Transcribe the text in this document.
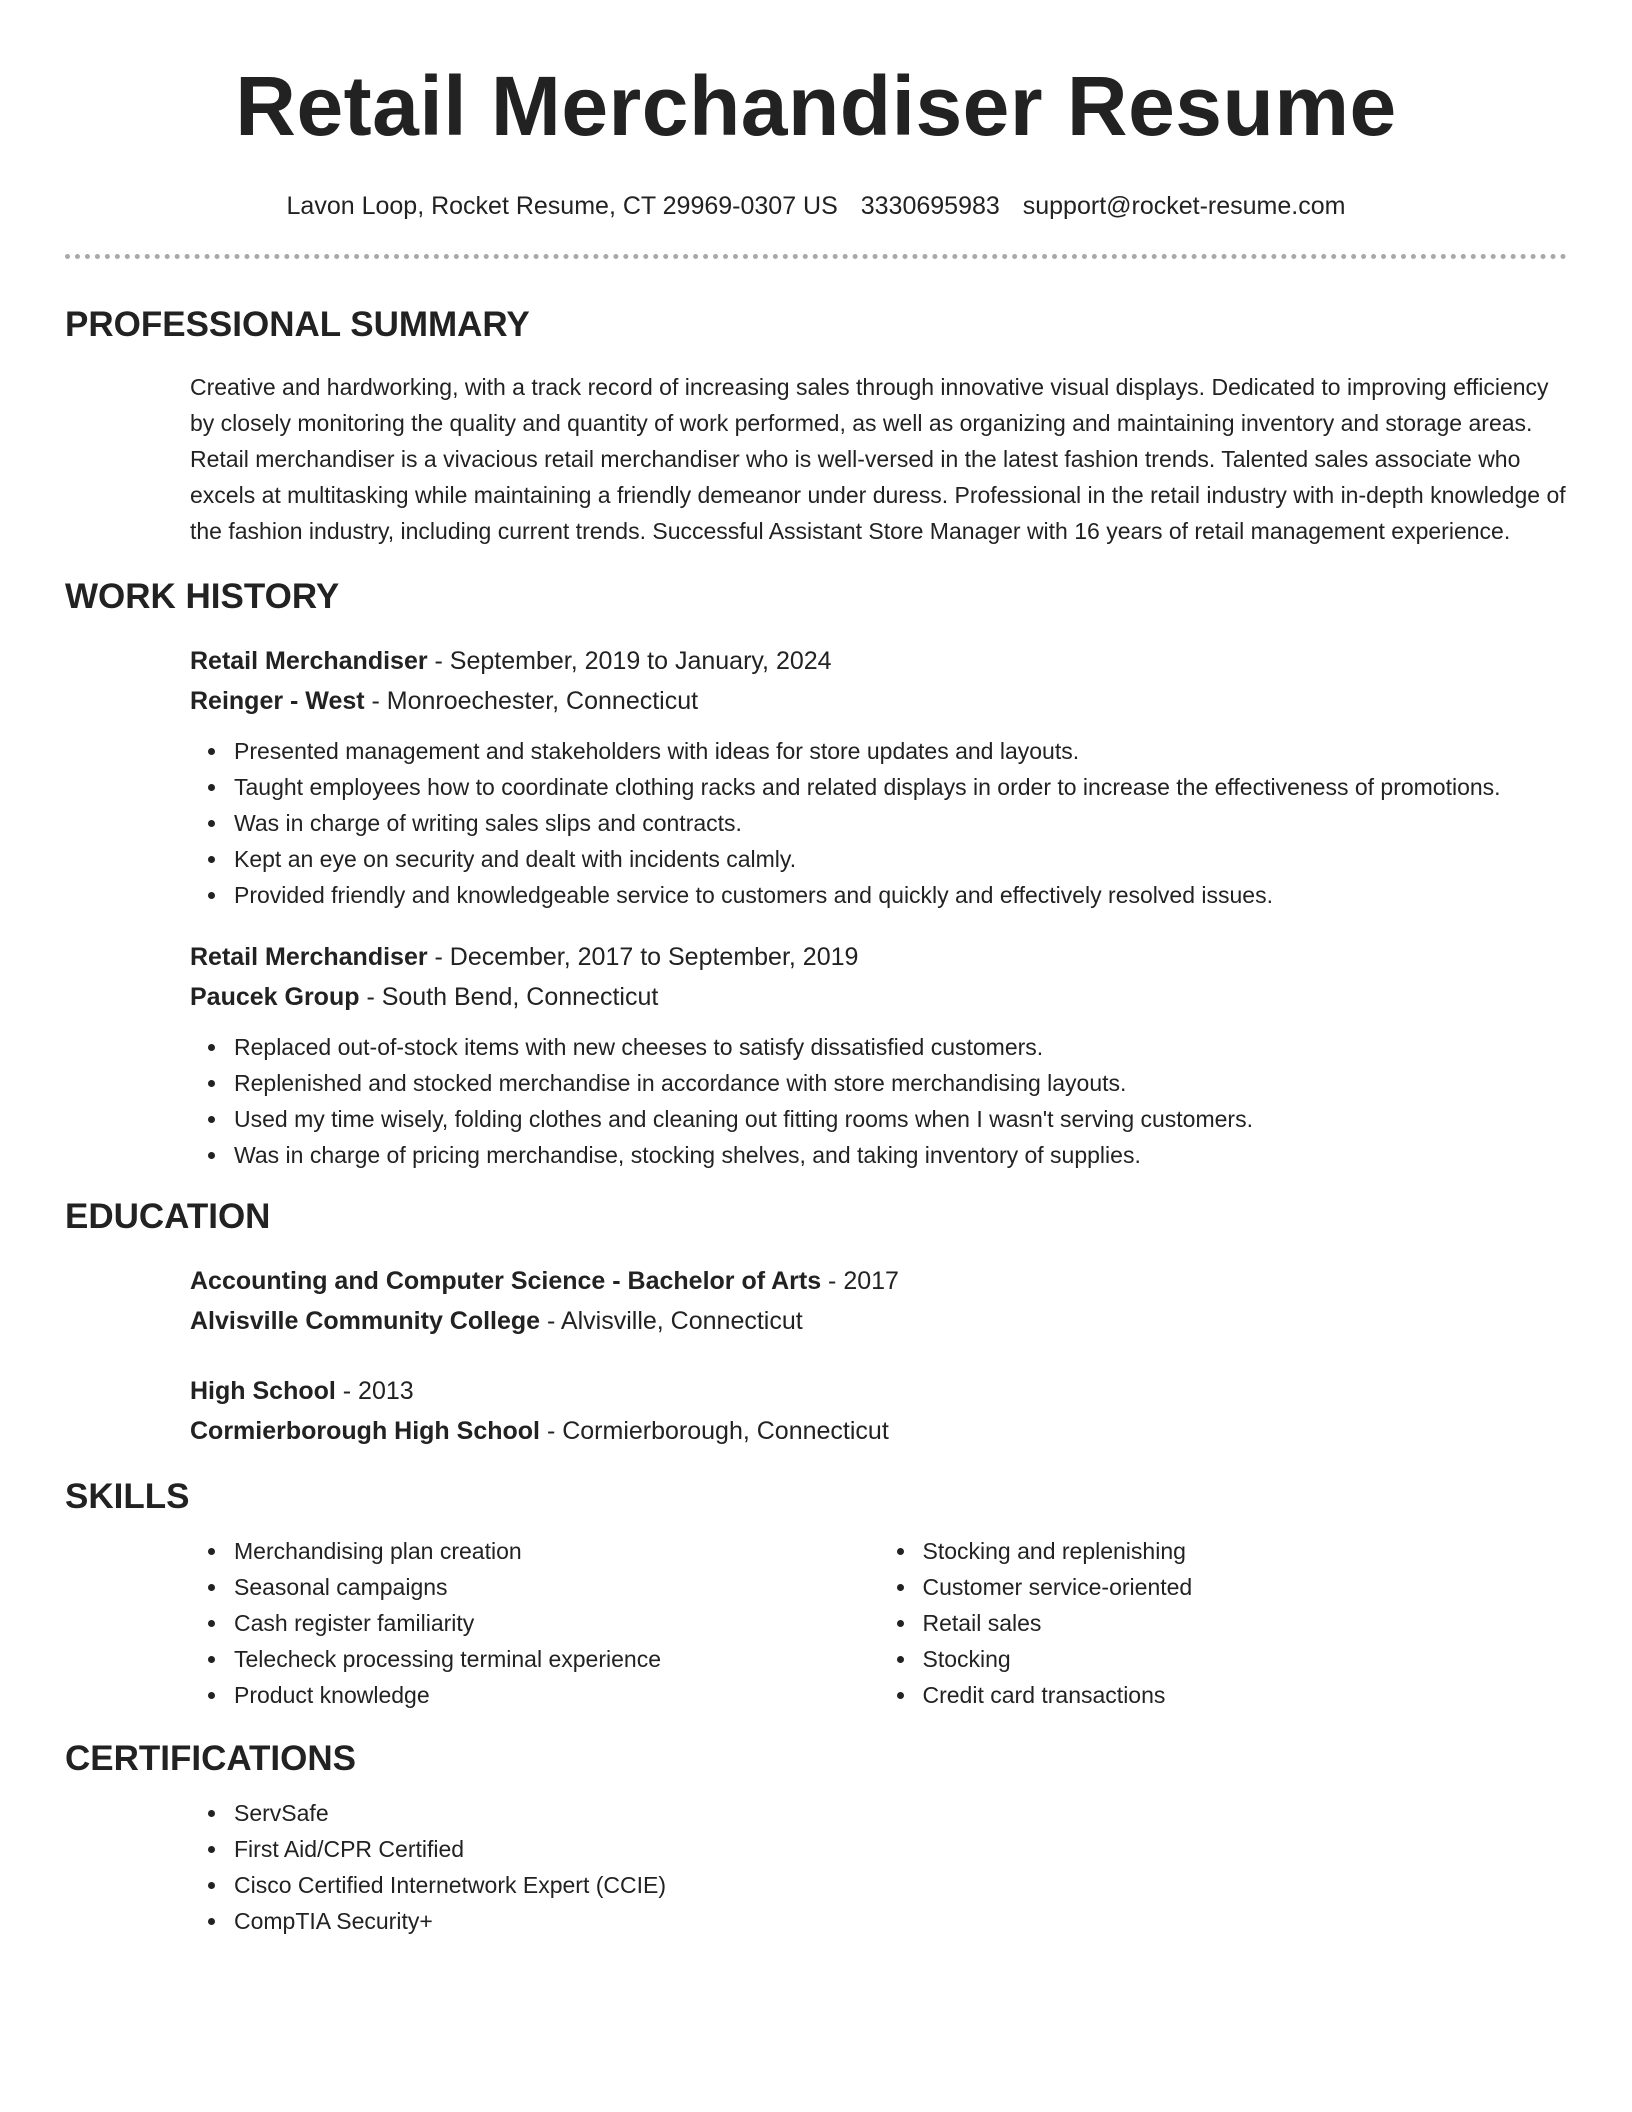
Retail Merchandiser Resume
Lavon Loop, Rocket Resume, CT 29969-0307 US 3330695983 support@rocket-resume.com
PROFESSIONAL SUMMARY
Creative and hardworking, with a track record of increasing sales through innovative visual displays. Dedicated to improving efficiency by closely monitoring the quality and quantity of work performed, as well as organizing and maintaining inventory and storage areas. Retail merchandiser is a vivacious retail merchandiser who is well-versed in the latest fashion trends. Talented sales associate who excels at multitasking while maintaining a friendly demeanor under duress. Professional in the retail industry with in-depth knowledge of the fashion industry, including current trends. Successful Assistant Store Manager with 16 years of retail management experience.
WORK HISTORY
Retail Merchandiser - September, 2019 to January, 2024
Reinger - West - Monroechester, Connecticut
Presented management and stakeholders with ideas for store updates and layouts.
Taught employees how to coordinate clothing racks and related displays in order to increase the effectiveness of promotions.
Was in charge of writing sales slips and contracts.
Kept an eye on security and dealt with incidents calmly.
Provided friendly and knowledgeable service to customers and quickly and effectively resolved issues.
Retail Merchandiser - December, 2017 to September, 2019
Paucek Group - South Bend, Connecticut
Replaced out-of-stock items with new cheeses to satisfy dissatisfied customers.
Replenished and stocked merchandise in accordance with store merchandising layouts.
Used my time wisely, folding clothes and cleaning out fitting rooms when I wasn't serving customers.
Was in charge of pricing merchandise, stocking shelves, and taking inventory of supplies.
EDUCATION
Accounting and Computer Science - Bachelor of Arts - 2017
Alvisville Community College - Alvisville, Connecticut
High School - 2013
Cormierborough High School - Cormierborough, Connecticut
SKILLS
Merchandising plan creation
Seasonal campaigns
Cash register familiarity
Telecheck processing terminal experience
Product knowledge
Stocking and replenishing
Customer service-oriented
Retail sales
Stocking
Credit card transactions
CERTIFICATIONS
ServSafe
First Aid/CPR Certified
Cisco Certified Internetwork Expert (CCIE)
CompTIA Security+
